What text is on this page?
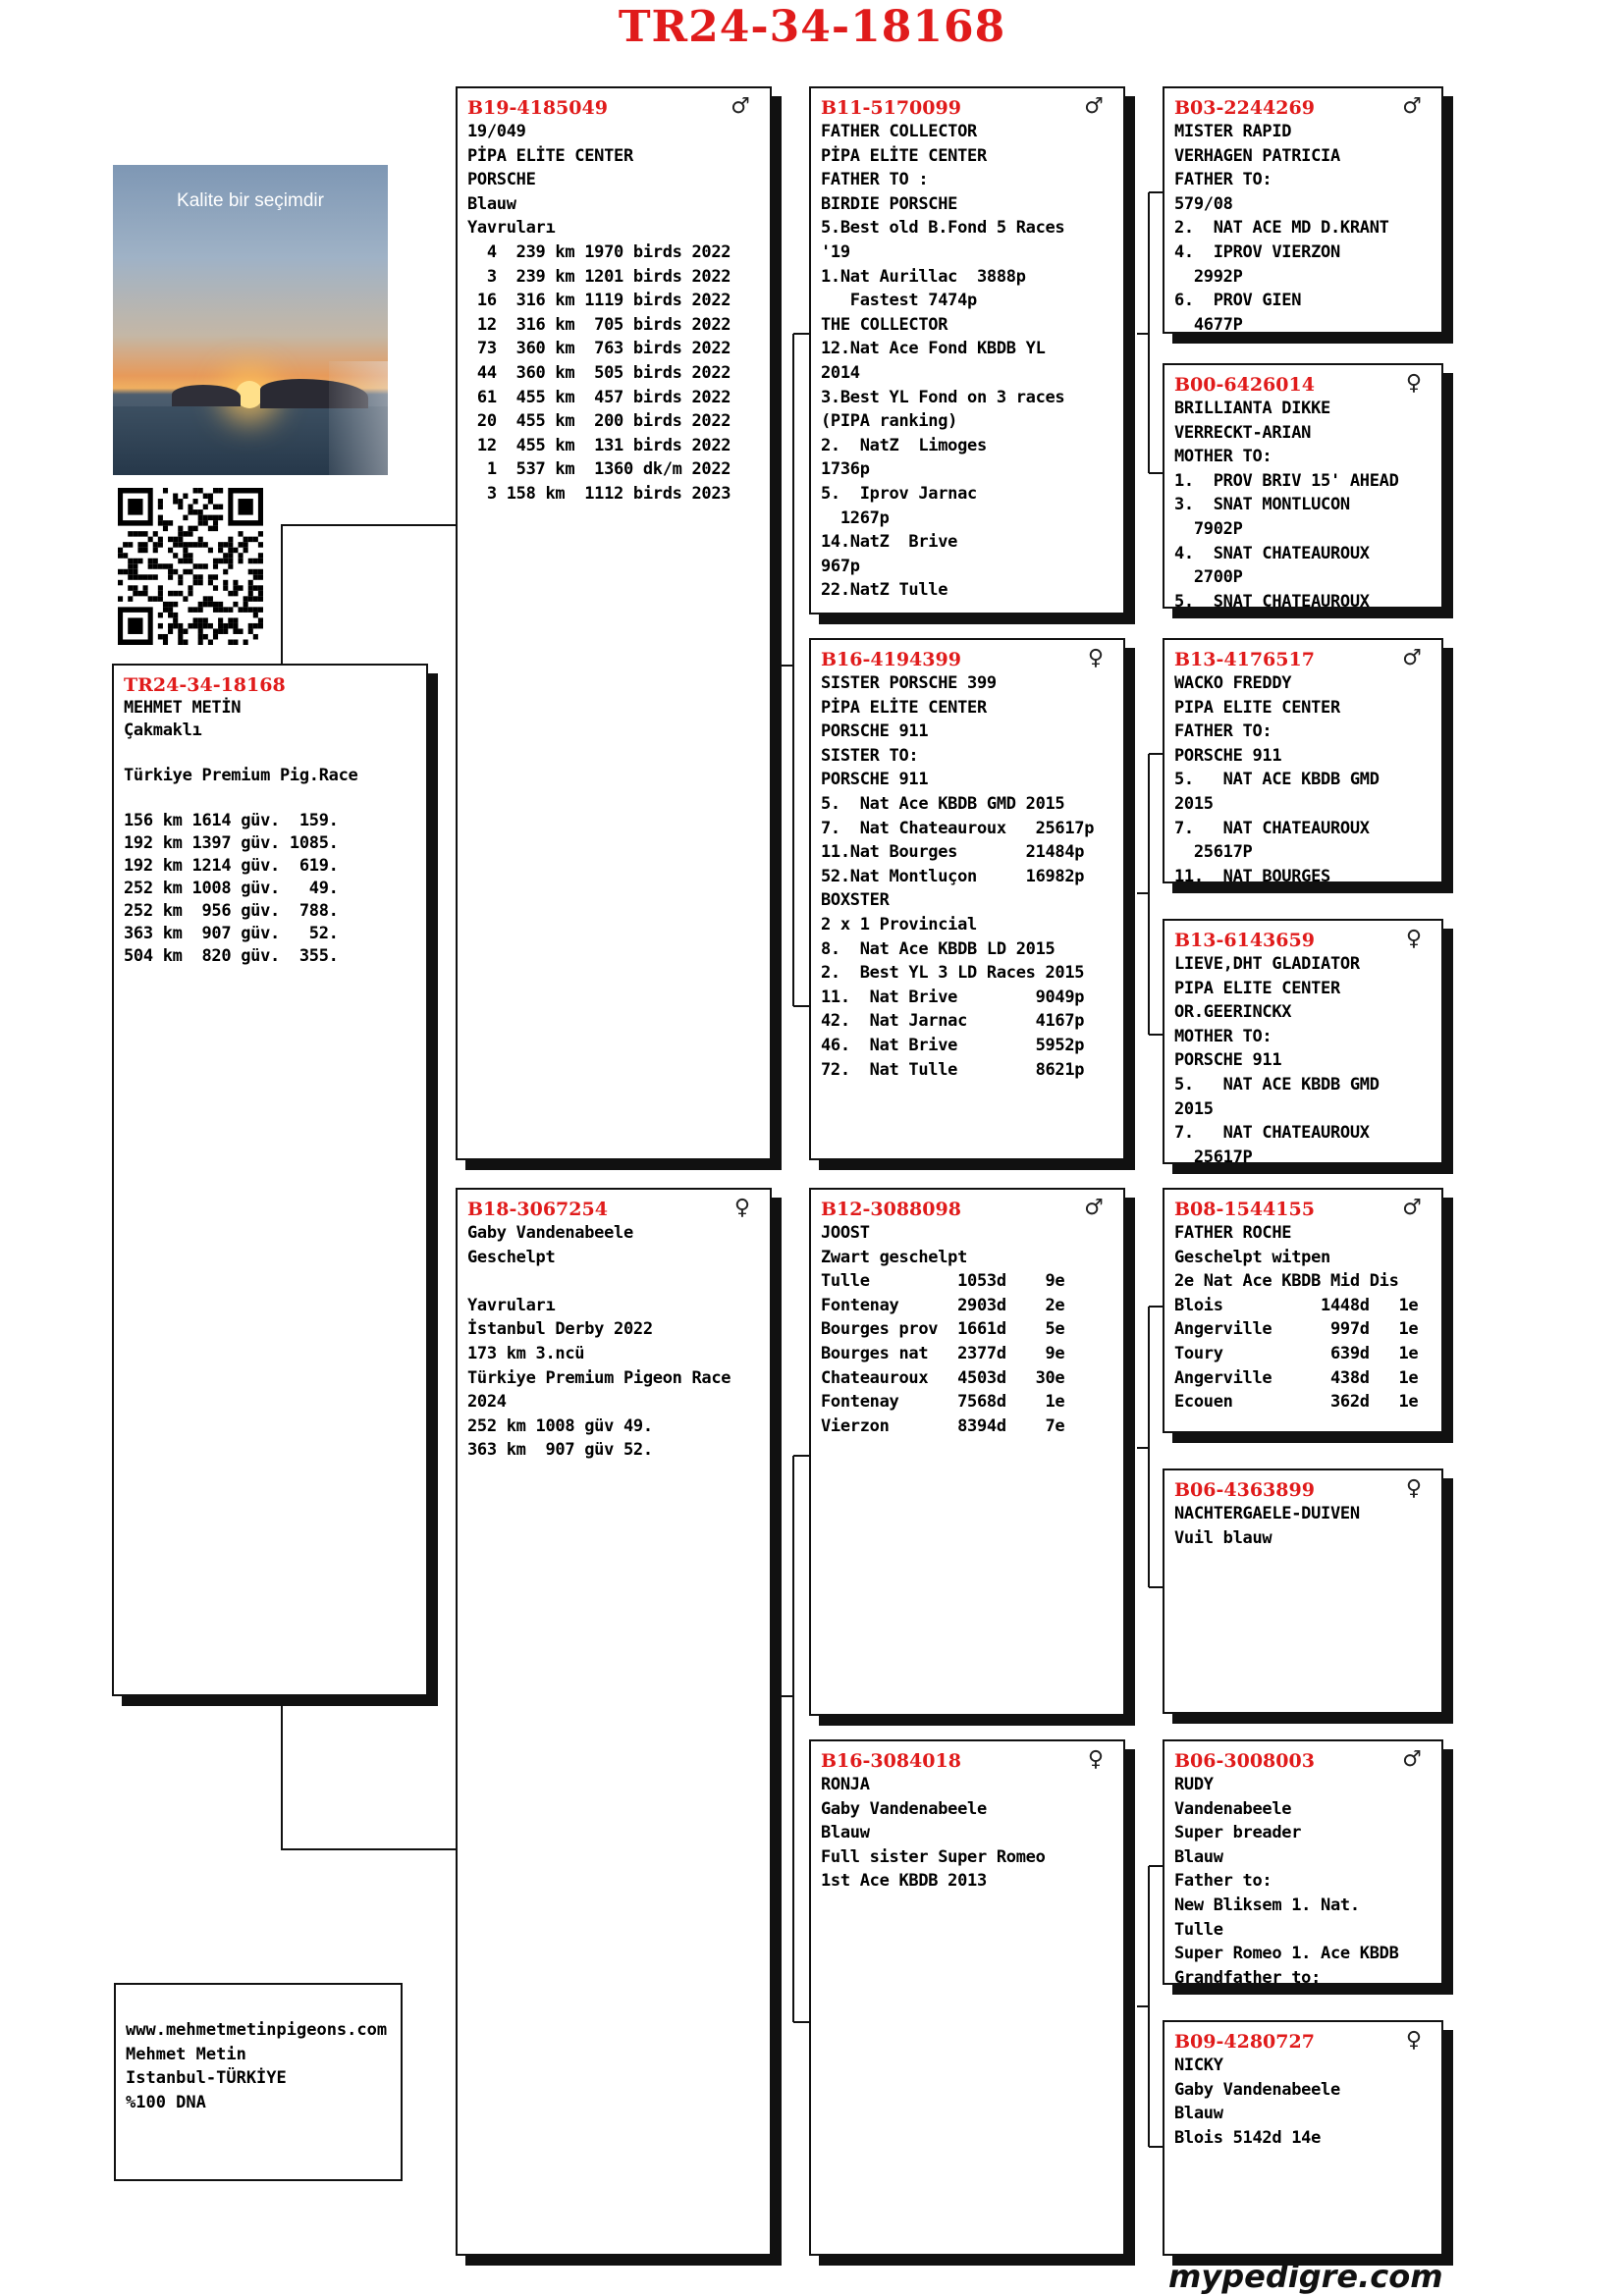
TR24-34-18168
Kalite bir seçimdir
TR24-34-18168
MEHMET METİN
Çakmaklı

Türkiye Premium Pig.Race

156 km 1614 güv.  159.
192 km 1397 güv. 1085.
192 km 1214 güv.  619.
252 km 1008 güv.   49.
252 km  956 güv.  788.
363 km  907 güv.   52.
504 km  820 güv.  355.
♂
B19-4185049
19/049
PİPA ELİTE CENTER
PORSCHE
Blauw
Yavruları
4  239 km 1970 birds 2022
3  239 km 1201 birds 2022
16  316 km 1119 birds 2022
12  316 km  705 birds 2022
73  360 km  763 birds 2022
44  360 km  505 birds 2022
61  455 km  457 birds 2022
20  455 km  200 birds 2022
12  455 km  131 birds 2022
1  537 km  1360 dk/m 2022
3 158 km  1112 birds 2023
♀
B18-3067254
Gaby Vandenabeele
Geschelpt

Yavruları
İstanbul Derby 2022
173 km 3.ncü
Türkiye Premium Pigeon Race
2024
252 km 1008 güv 49.
363 km  907 güv 52.
♂
B11-5170099
FATHER COLLECTOR
PİPA ELİTE CENTER
FATHER TO :
BIRDIE PORSCHE
5.Best old B.Fond 5 Races
'19
1.Nat Aurillac  3888p
Fastest 7474p
THE COLLECTOR
12.Nat Ace Fond KBDB YL
2014
3.Best YL Fond on 3 races
(PIPA ranking)
2.  NatZ  Limoges
1736p
5.  Iprov Jarnac
1267p
14.NatZ  Brive
967p
22.NatZ Tulle
♀
B16-4194399
SISTER PORSCHE 399
PİPA ELİTE CENTER
PORSCHE 911
SISTER TO:
PORSCHE 911
5.  Nat Ace KBDB GMD 2015
7.  Nat Chateauroux   25617p
11.Nat Bourges       21484p
52.Nat Montluçon     16982p
BOXSTER
2 x 1 Provincial
8.  Nat Ace KBDB LD 2015
2.  Best YL 3 LD Races 2015
11.  Nat Brive        9049p
42.  Nat Jarnac       4167p
46.  Nat Brive        5952p
72.  Nat Tulle        8621p
♂
B12-3088098
JOOST
Zwart geschelpt
Tulle         1053d    9e
Fontenay      2903d    2e
Bourges prov  1661d    5e
Bourges nat   2377d    9e
Chateauroux   4503d   30e
Fontenay      7568d    1e
Vierzon       8394d    7e
♀
B16-3084018
RONJA
Gaby Vandenabeele
Blauw
Full sister Super Romeo
1st Ace KBDB 2013
♂
B03-2244269
MISTER RAPID
VERHAGEN PATRICIA
FATHER TO:
579/08
2.  NAT ACE MD D.KRANT
4.  IPROV VIERZON
2992P
6.  PROV GIEN
4677P
♀
B00-6426014
BRILLIANTA DIKKE
VERRECKT-ARIAN
MOTHER TO:
1.  PROV BRIV 15' AHEAD
3.  SNAT MONTLUCON
7902P
4.  SNAT CHATEAUROUX
2700P
5.  SNAT CHATEAUROUX
♂
B13-4176517
WACKO FREDDY
PIPA ELITE CENTER
FATHER TO:
PORSCHE 911
5.   NAT ACE KBDB GMD
2015
7.   NAT CHATEAUROUX
25617P
11.  NAT BOURGES
♀
B13-6143659
LIEVE,DHT GLADIATOR
PIPA ELITE CENTER
OR.GEERINCKX
MOTHER TO:
PORSCHE 911
5.   NAT ACE KBDB GMD
2015
7.   NAT CHATEAUROUX
25617P
♂
B08-1544155
FATHER ROCHE
Geschelpt witpen
2e Nat Ace KBDB Mid Dis
Blois          1448d   1e
Angerville      997d   1e
Toury           639d   1e
Angerville      438d   1e
Ecouen          362d   1e
♀
B06-4363899
NACHTERGAELE-DUIVEN
Vuil blauw
♂
B06-3008003
RUDY
Vandenabeele
Super breader
Blauw
Father to:
New Bliksem 1. Nat.
Tulle
Super Romeo 1. Ace KBDB
Grandfather to:
♀
B09-4280727
NICKY
Gaby Vandenabeele
Blauw
Blois 5142d 14e
www.mehmetmetinpigeons.com
Mehmet Metin
Istanbul-TÜRKİYE
%100 DNA
mypedigre.com
